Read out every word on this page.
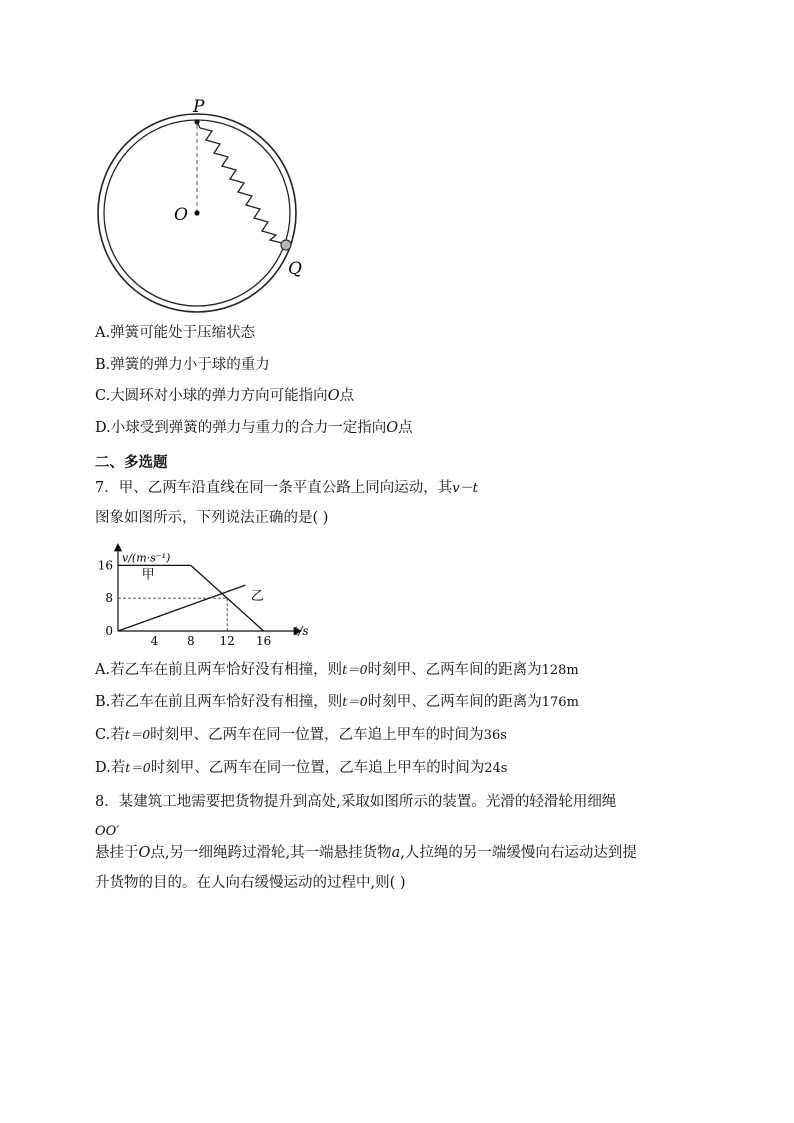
P
O
Q
A.弹簧可能处于压缩状态
B.弹簧的弹力小于球的重力
C.大圆环对小球的弹力方向可能指向O点
D.小球受到弹簧的弹力与重力的合力一定指向O点
二、多选题
7．甲、乙两车沿直线在同一条平直公路上同向运动，其v－t
图象如图所示，下列说法正确的是( )
甲
乙
4 8 12 16
16
8
0
v/(m·s⁻¹)
t/s
A.若乙车在前且两车恰好没有相撞，则t＝0时刻甲、乙两车间的距离为128m
B.若乙车在前且两车恰好没有相撞，则t＝0时刻甲、乙两车间的距离为176m
C.若t＝0时刻甲、乙两车在同一位置，乙车追上甲车的时间为36s
D.若t＝0时刻甲、乙两车在同一位置，乙车追上甲车的时间为24s
8．某建筑工地需要把货物提升到高处,采取如图所示的装置。光滑的轻滑轮用细绳
OO′
悬挂于O点,另一细绳跨过滑轮,其一端悬挂货物a,人拉绳的另一端缓慢向右运动达到提
升货物的目的。在人向右缓慢运动的过程中,则( )
